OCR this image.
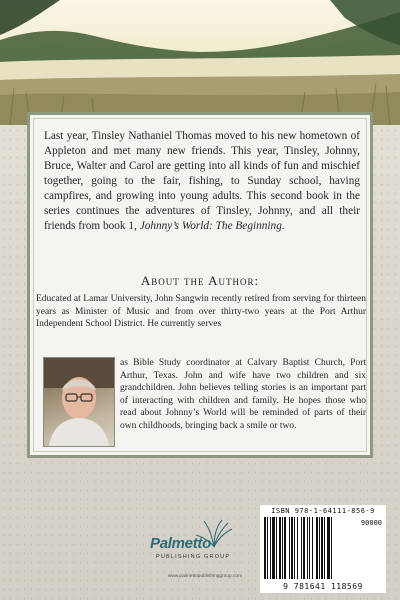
Last year, Tinsley Nathaniel Thomas moved to his new hometown of Appleton and met many new friends. This year, Tinsley, Johnny, Bruce, Walter and Carol are getting into all kinds of fun and mischief together, going to the fair, fishing, to Sunday school, having campfires, and growing into young adults. This second book in the series continues the adventures of Tinsley, Johnny, and all their friends from book 1, Johnny’s World: The Beginning.

About the Author:

Educated at Lamar University, John Sangwin recently retired from serving for thirteen years as Minister of Music and from over thirty-two years at the Port Arthur Independent School District. He currently serves

as Bible Study coordinator at Calvary Baptist Church, Port Arthur, Texas. John and wife have two children and six grandchildren. John believes telling stories is an important part of interacting with children and family. He hopes those who read about Johnny’s World will be reminded of parts of their own childhoods, bringing back a smile or two.

Palmetto
PUBLISHING GROUP
www.palmettopublishinggroup.com
ISBN 978-1-64111-856-9
90000
9 781641 118569
